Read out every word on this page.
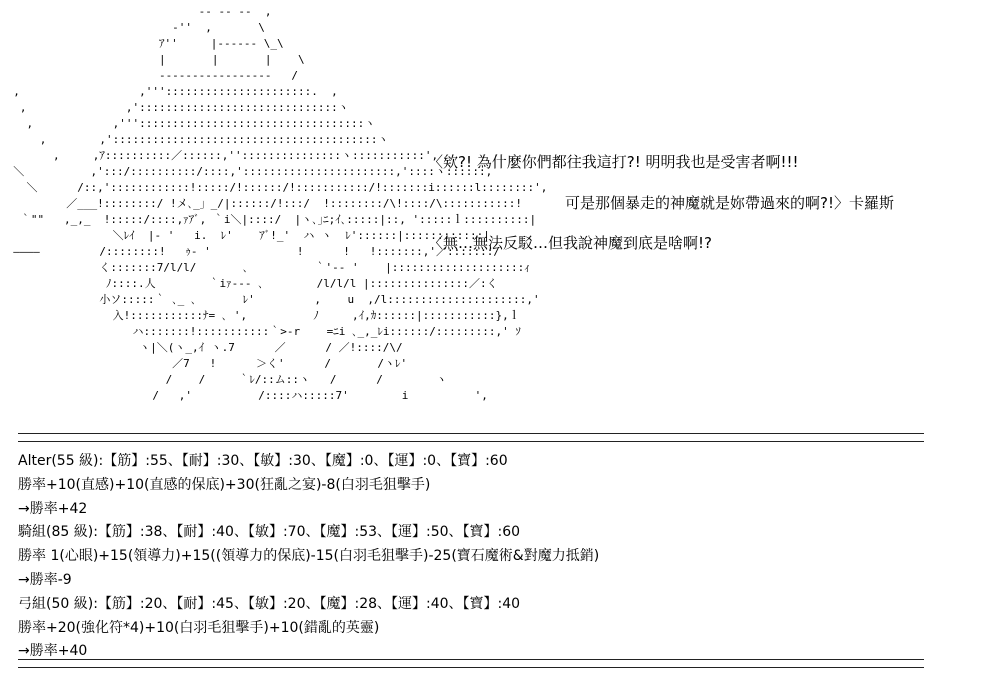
-- -- --  ,
‐''  ,       \
ｱ''     |‐‐‐‐‐‐ \_\
|       |       |    \
‐‐‐‐‐‐‐‐‐‐‐‐‐‐‐‐‐   /
,                  ,'''::::::::::::::::::::::.  ,
,               ,'::::::::::::::::::::::::::::::ヽ
,            ,'''::::::::::::::::::::::::::::::::::ヽ
,        ,'::::::::::::::::::::::::::::::::::::::::ヽ
,     ,ｱ::::::::::／::::::,'':::::::::::::::ヽ:::::::::::',
＼          ,':::/::::::::::/::::,':::::::::::::::::::::::,'::::ヽ::::::,
＼      /::,'::::::::::::!:::::/!::::::/!:::::::::::/!:::::::i::::::l::::::::',
／___!::::::::/ !メ､_」_/|::::::/!:::/  !::::::::/\!::::/\:::::::::::!
｀""   ,_,_  !:::::/::::,ｧｱﾞ, ｀i＼|::::/  |ヽ､｣ﾆ;ｲ､:::::|::, ':::::ｌ::::::::::|
＼ﾚｲ  |- '   i.  ﾚ'    ｱﾞ!_'  ハ ヽ  ﾚ'::::::|::::::::::::|
――――         /::::::::!   ｩ- '             !      !   !:::::::,'／:::::::/
く:::::::7/l/l/       ､          ｀'-- '    |::::::::::::::::::::ｨ
ﾉ::::.人        ｀iｧ--- ､        /l/l/l |:::::::::::::::／:く
小ソ:::::｀ ､_ ､       ﾚ'         ,    u  ,/l:::::::::::::::::::::,'
入!:::::::::::ﾅ= ､ ',          ﾉ     ,ｲ,ｶ::::::|:::::::::::},ｌ
ハ:::::::!:::::::::::｀>-r    =ﾆi ､_,_ﾚi::::::/:::::::::,' ｿ
ヽ|＼(ヽ_,ｲ ヽ.7      ／      / ／!::::/\/
／7   !      ＞く'      /       /ヽﾚ'
/    /     ｀ﾚ/::ム::ヽ   /      /        ヽ
/   ,'          /::::ハ:::::7'        i          ',
〈欸?! 為什麼你們都往我這打?! 明明我也是受害者啊!!!
可是那個暴走的神魔就是妳帶過來的啊?!〉卡羅斯
〈無…無法反駁…但我說神魔到底是啥啊!?
Alter(55 級):【筋】:55、【耐】:30、【敏】:30、【魔】:0、【運】:0、【寶】:60
勝率+10(直感)+10(直感的保底)+30(狂亂之宴)-8(白羽毛狙擊手)
→勝率+42
騎組(85 級):【筋】:38、【耐】:40、【敏】:70、【魔】:53、【運】:50、【寶】:60
勝率 1(心眼)+15(領導力)+15((領導力的保底)-15(白羽毛狙擊手)-25(寶石魔術&對魔力抵銷)
→勝率-9
弓組(50 級):【筋】:20、【耐】:45、【敏】:20、【魔】:28、【運】:40、【寶】:40
勝率+20(強化符*4)+10(白羽毛狙擊手)+10(錯亂的英靈)
→勝率+40
